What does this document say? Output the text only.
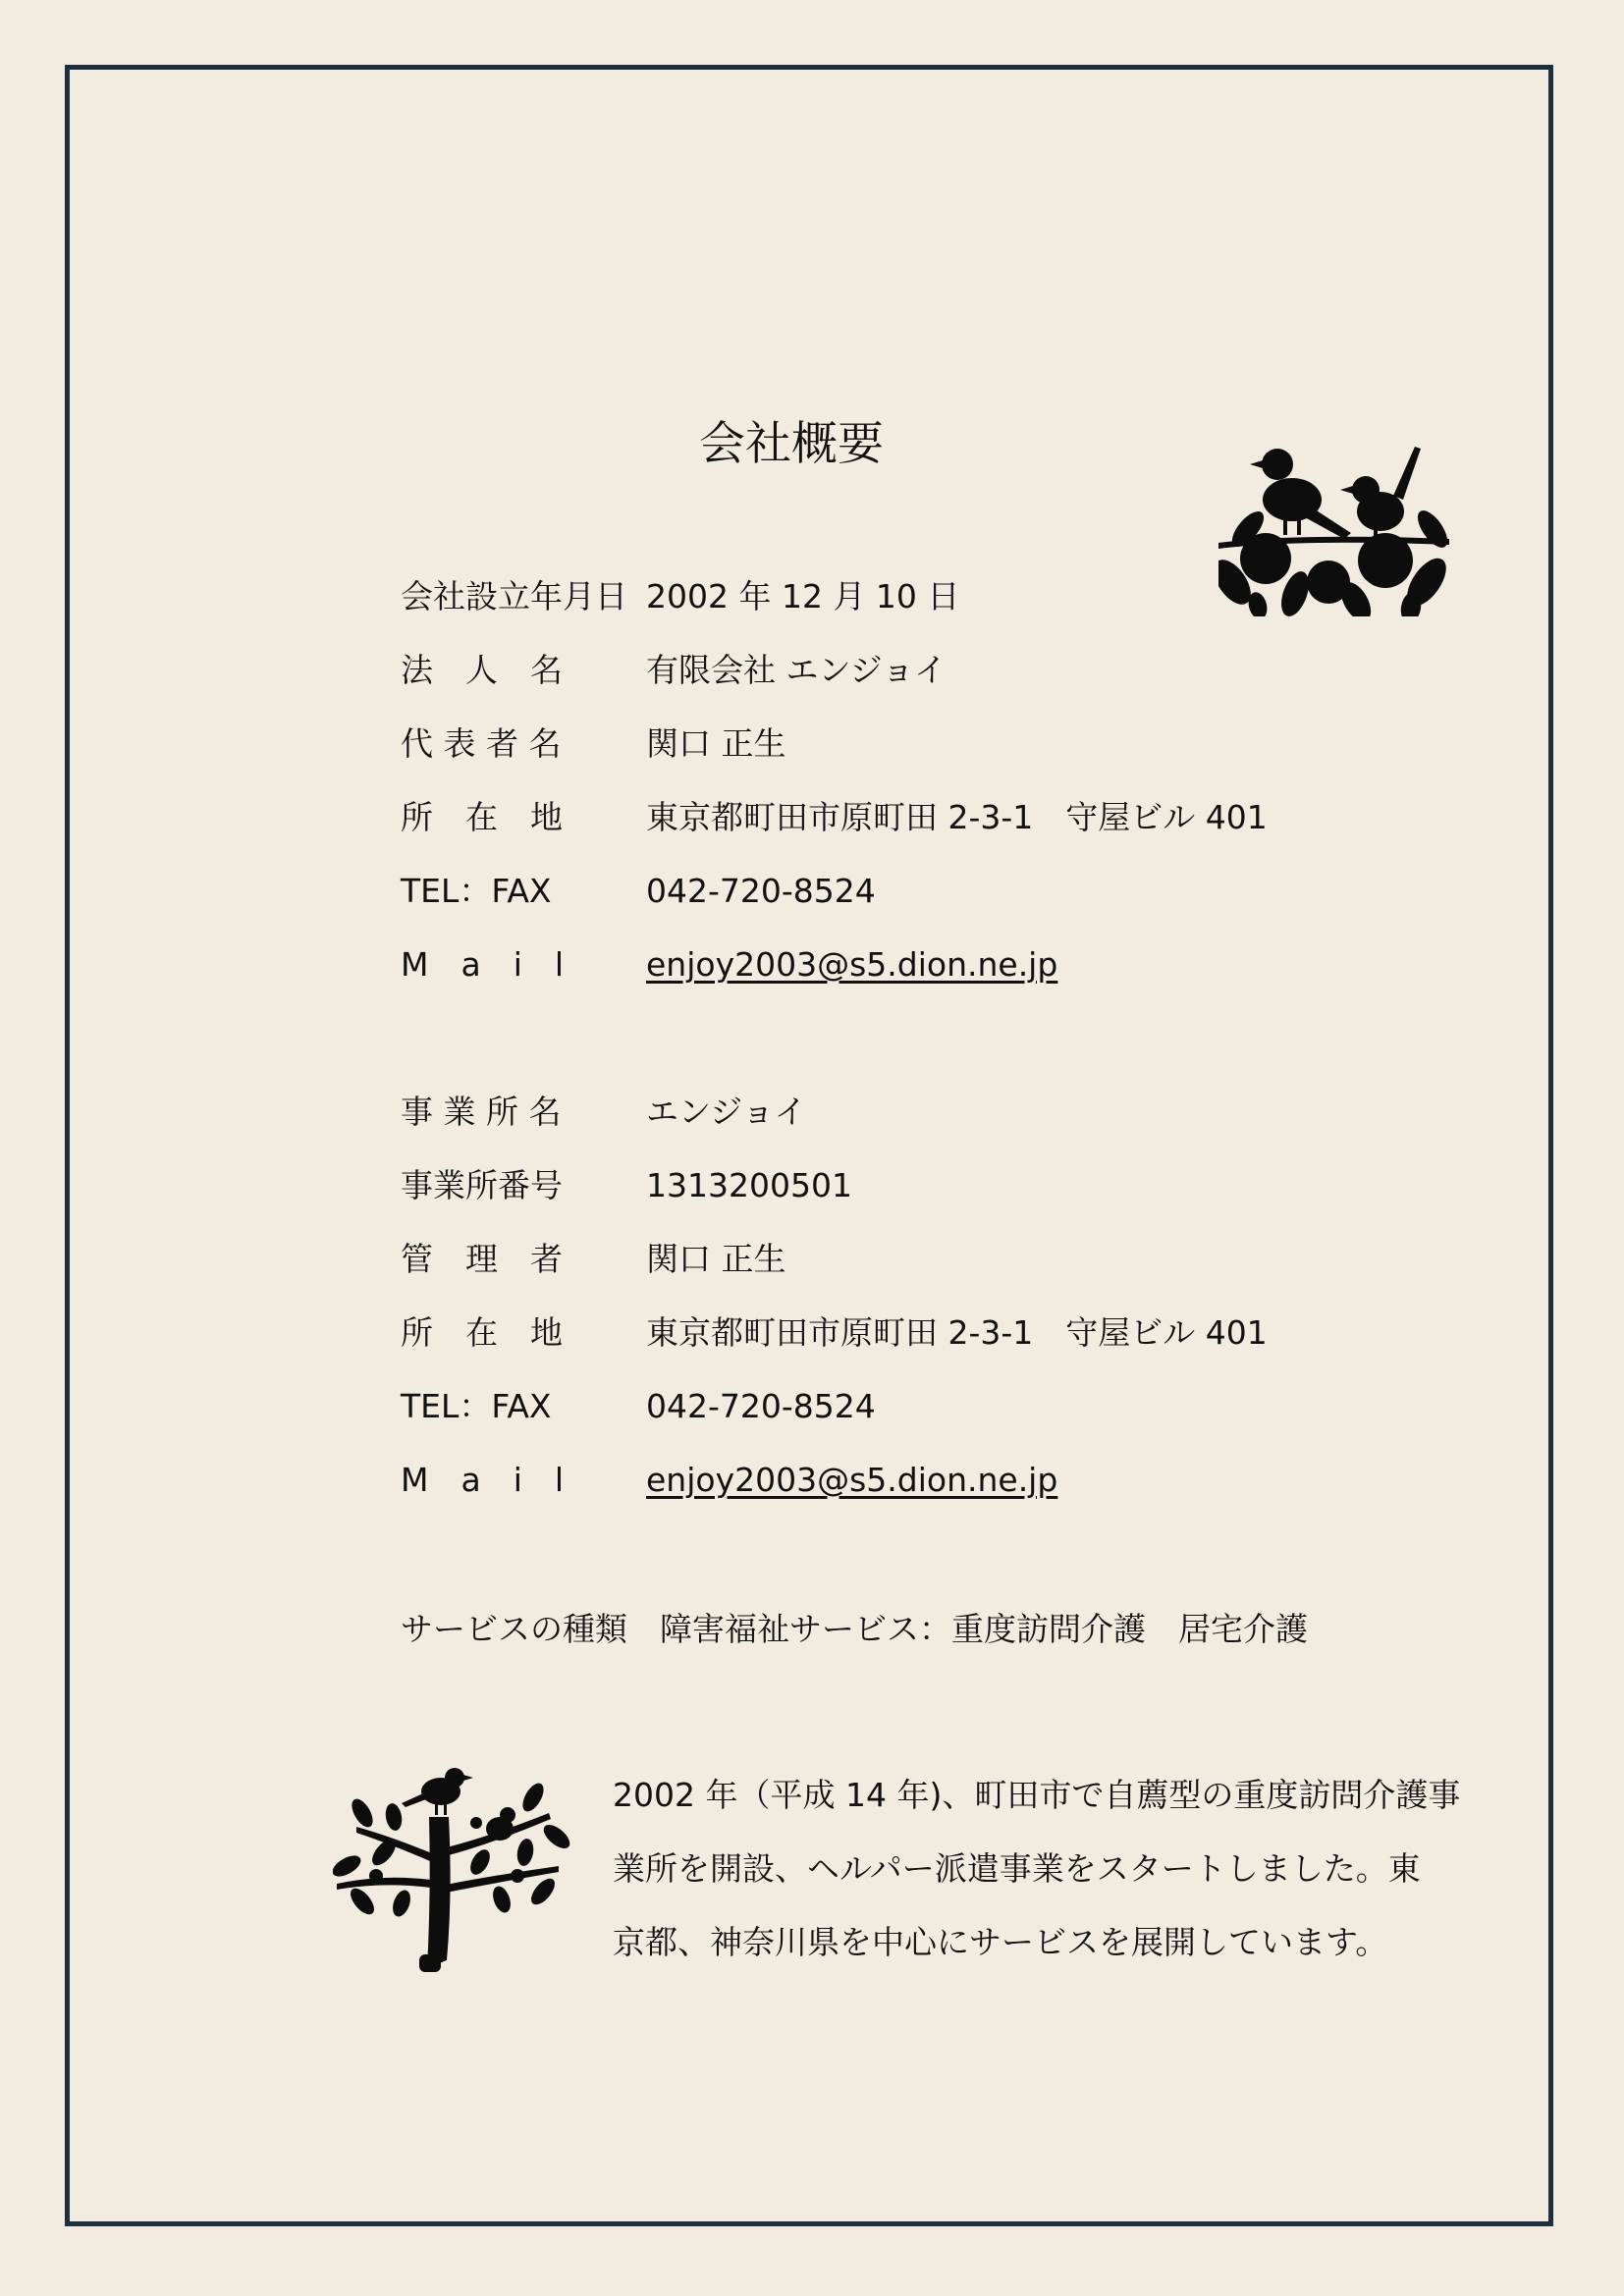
会社概要
会社設立年月日 2002 年 12 月 10 日
法　人　名	有限会社 エンジョイ
代 表 者 名	関口 正生
所　在　地	東京都町田市原町田 2-3-1　守屋ビル 401
TEL：FAX	042-720-8524
M　a　i　l	enjoy2003@s5.dion.ne.jp
事 業 所 名	エンジョイ
事業所番号	1313200501
管　理　者	関口 正生
所　在　地	東京都町田市原町田 2-3-1　守屋ビル 401
TEL：FAX	042-720-8524
M　a　i　l	enjoy2003@s5.dion.ne.jp

サービスの種類　 障害福祉サービス：重度訪問介護　居宅介護

2002 年（平成 14 年)、町田市で自薦型の重度訪問介護事
業所を開設、ヘルパー派遣事業をスタートしました。東
京都、神奈川県を中心にサービスを展開しています。
